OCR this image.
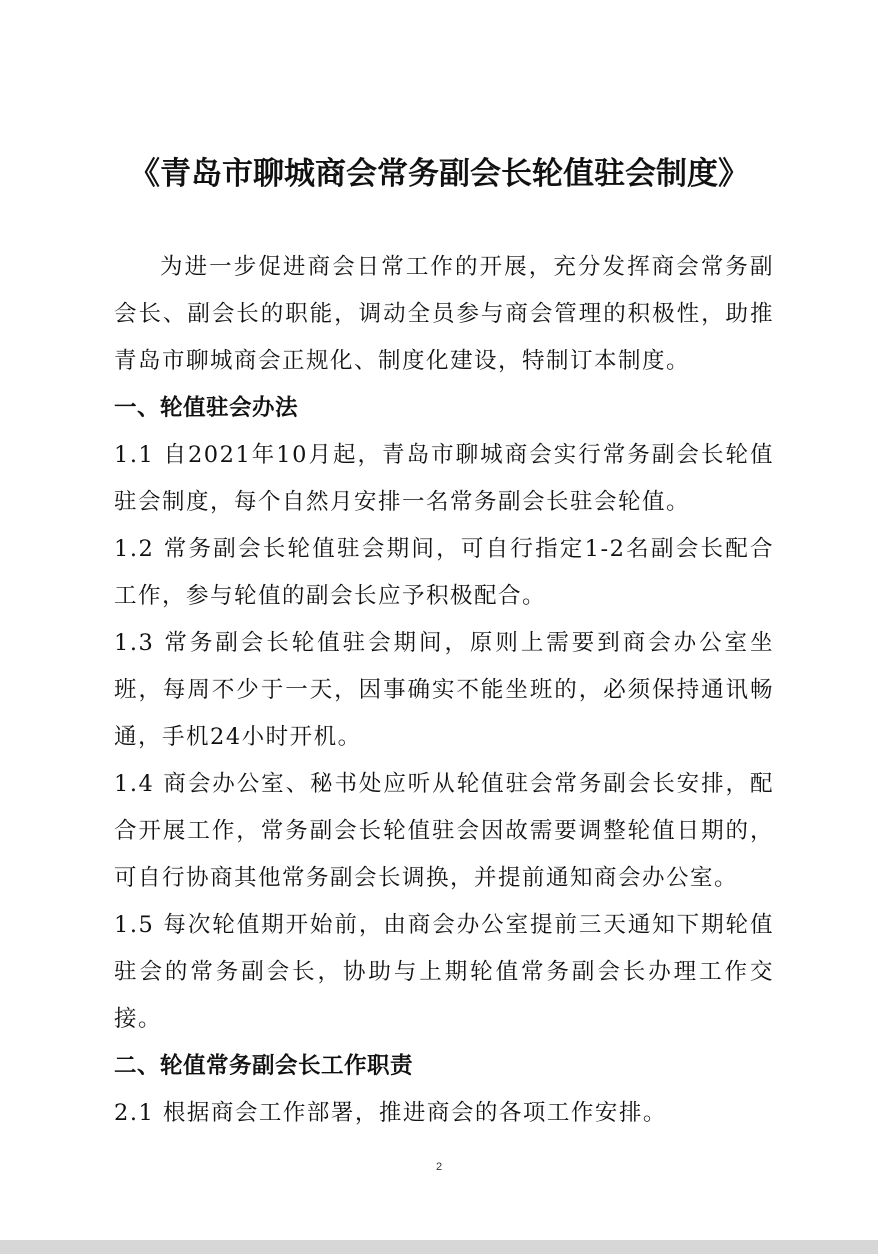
《青岛市聊城商会常务副会长轮值驻会制度》

为进一步促进商会日常工作的开展，充分发挥商会常务副会长、副会长的职能，调动全员参与商会管理的积极性，助推青岛市聊城商会正规化、制度化建设，特制订本制度。

一、轮值驻会办法

1.1 自2021年10月起，青岛市聊城商会实行常务副会长轮值驻会制度，每个自然月安排一名常务副会长驻会轮值。

1.2 常务副会长轮值驻会期间，可自行指定1-2名副会长配合工作，参与轮值的副会长应予积极配合。

1.3 常务副会长轮值驻会期间，原则上需要到商会办公室坐班，每周不少于一天，因事确实不能坐班的，必须保持通讯畅通，手机24小时开机。

1.4 商会办公室、秘书处应听从轮值驻会常务副会长安排，配合开展工作，常务副会长轮值驻会因故需要调整轮值日期的，可自行协商其他常务副会长调换，并提前通知商会办公室。

1.5 每次轮值期开始前，由商会办公室提前三天通知下期轮值驻会的常务副会长，协助与上期轮值常务副会长办理工作交接。

二、轮值常务副会长工作职责

2.1 根据商会工作部署，推进商会的各项工作安排。

2
